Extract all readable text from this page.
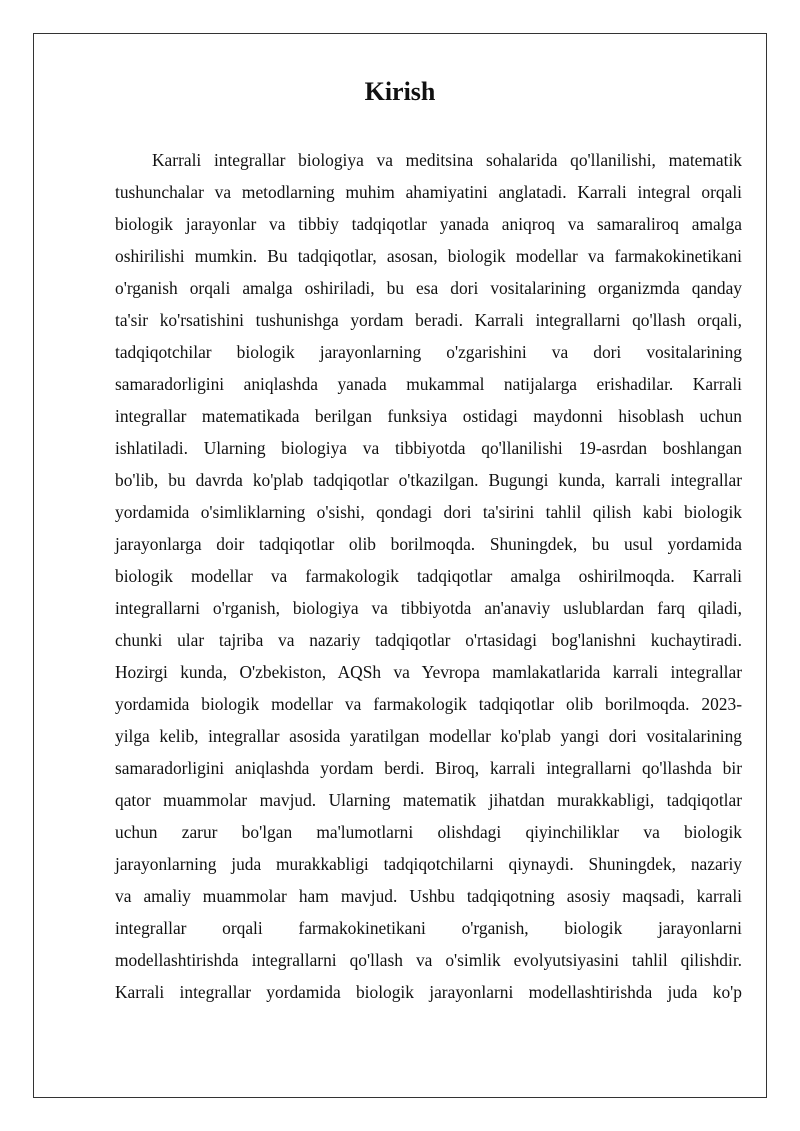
Kirish
Karrali integrallar biologiya va meditsina sohalarida qo'llanilishi, matematik
tushunchalar va metodlarning muhim ahamiyatini anglatadi. Karrali integral orqali
biologik jarayonlar va tibbiy tadqiqotlar yanada aniqroq va samaraliroq amalga
oshirilishi mumkin. Bu tadqiqotlar, asosan, biologik modellar va farmakokinetikani
o'rganish orqali amalga oshiriladi, bu esa dori vositalarining organizmda qanday
ta'sir ko'rsatishini tushunishga yordam beradi. Karrali integrallarni qo'llash orqali,
tadqiqotchilar biologik jarayonlarning o'zgarishini va dori vositalarining
samaradorligini aniqlashda yanada mukammal natijalarga erishadilar. Karrali
integrallar matematikada berilgan funksiya ostidagi maydonni hisoblash uchun
ishlatiladi. Ularning biologiya va tibbiyotda qo'llanilishi 19-asrdan boshlangan
bo'lib, bu davrda ko'plab tadqiqotlar o'tkazilgan. Bugungi kunda, karrali integrallar
yordamida o'simliklarning o'sishi, qondagi dori ta'sirini tahlil qilish kabi biologik
jarayonlarga doir tadqiqotlar olib borilmoqda. Shuningdek, bu usul yordamida
biologik modellar va farmakologik tadqiqotlar amalga oshirilmoqda. Karrali
integrallarni o'rganish, biologiya va tibbiyotda an'anaviy uslublardan farq qiladi,
chunki ular tajriba va nazariy tadqiqotlar o'rtasidagi bog'lanishni kuchaytiradi.
Hozirgi kunda, O'zbekiston, AQSh va Yevropa mamlakatlarida karrali integrallar
yordamida biologik modellar va farmakologik tadqiqotlar olib borilmoqda. 2023-
yilga kelib, integrallar asosida yaratilgan modellar ko'plab yangi dori vositalarining
samaradorligini aniqlashda yordam berdi. Biroq, karrali integrallarni qo'llashda bir
qator muammolar mavjud. Ularning matematik jihatdan murakkabligi, tadqiqotlar
uchun zarur bo'lgan ma'lumotlarni olishdagi qiyinchiliklar va biologik
jarayonlarning juda murakkabligi tadqiqotchilarni qiynaydi. Shuningdek, nazariy
va amaliy muammolar ham mavjud. Ushbu tadqiqotning asosiy maqsadi, karrali
integrallar orqali farmakokinetikani o'rganish, biologik jarayonlarni
modellashtirishda integrallarni qo'llash va o'simlik evolyutsiyasini tahlil qilishdir.
Karrali integrallar yordamida biologik jarayonlarni modellashtirishda juda ko'p
